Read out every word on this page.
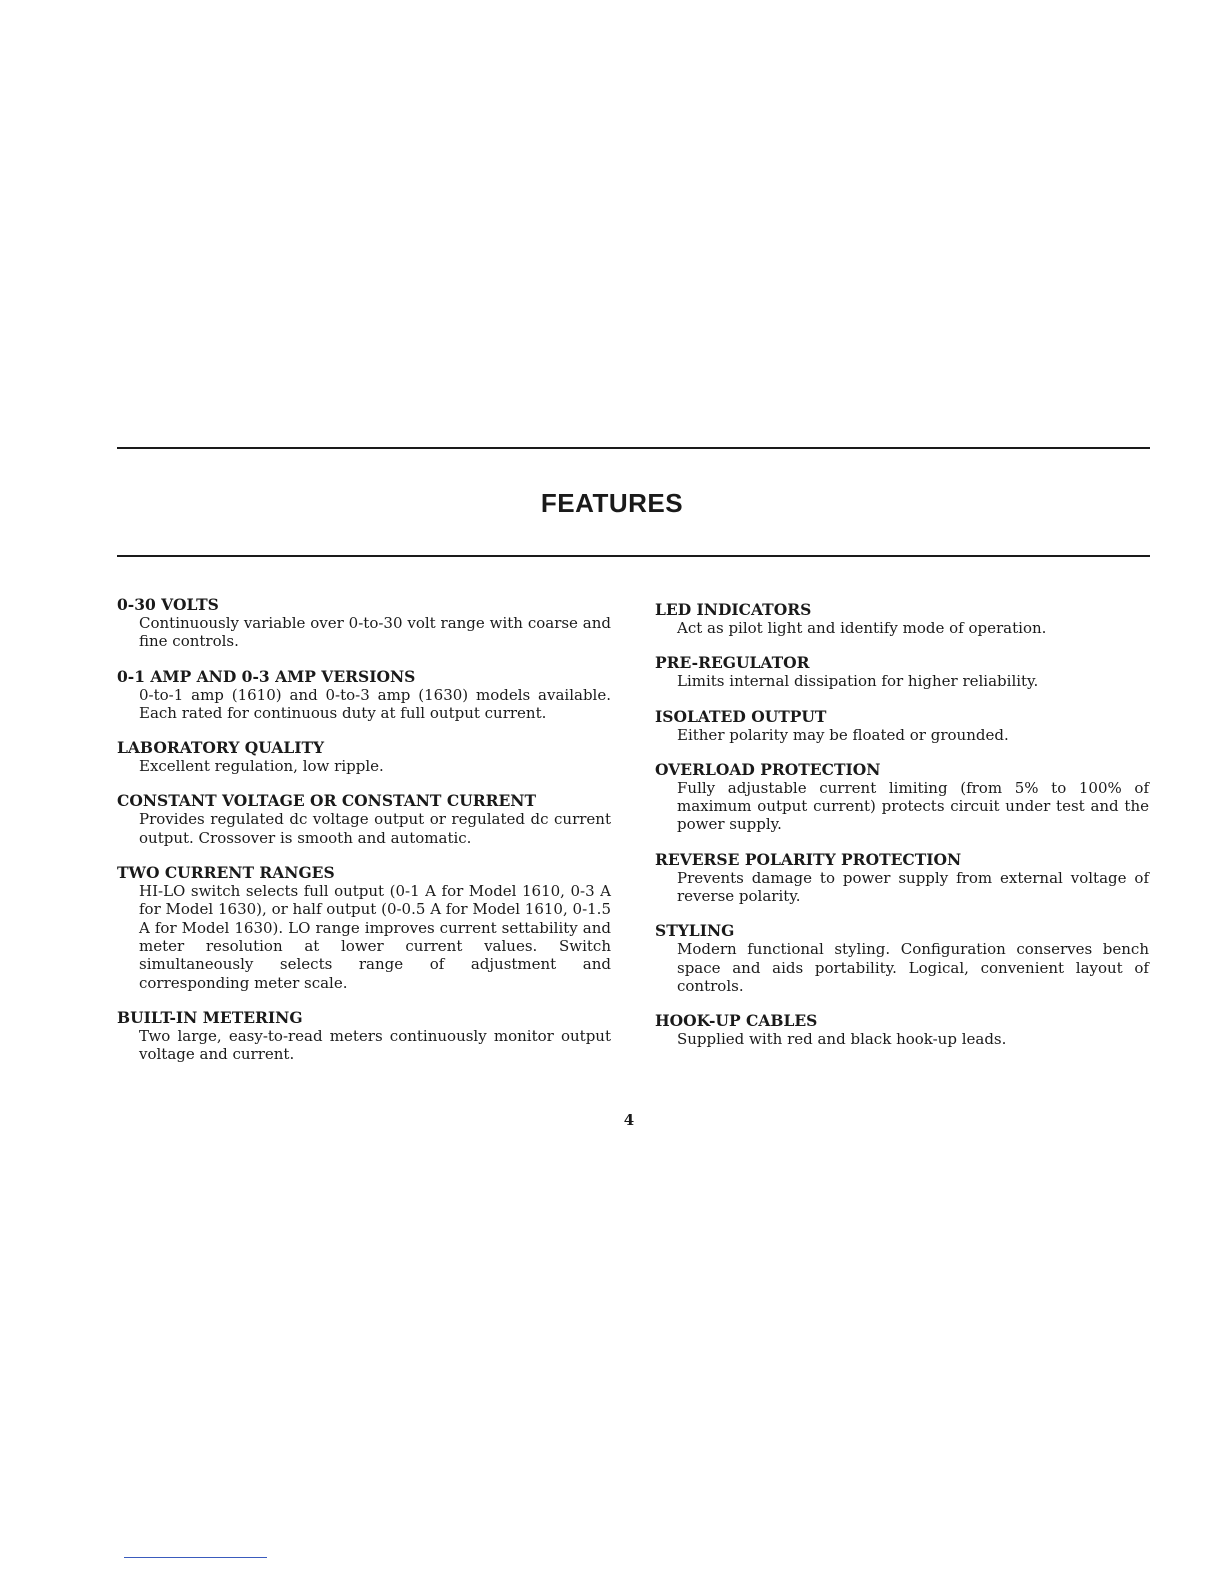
FEATURES

0-30 VOLTS

Continuously variable over 0-to-30 volt range with coarse and fine controls.

0-1 AMP AND 0-3 AMP VERSIONS

0-to-1 amp (1610) and 0-to-3 amp (1630) models available. Each rated for continuous duty at full output current.

LABORATORY QUALITY

Excellent regulation, low ripple.

CONSTANT VOLTAGE OR CONSTANT CURRENT

Provides regulated dc voltage output or regulated dc current output. Crossover is smooth and automatic.

TWO CURRENT RANGES

HI-LO switch selects full output (0-1 A for Model 1610, 0-3 A for Model 1630), or half output (0-0.5 A for Model 1610, 0-1.5 A for Model 1630). LO range improves current settability and meter resolution at lower current values. Switch simultaneously selects range of adjustment and corresponding meter scale.

BUILT-IN METERING

Two large, easy-to-read meters continuously monitor output voltage and current.

LED INDICATORS

Act as pilot light and identify mode of operation.

PRE-REGULATOR

Limits internal dissipation for higher reliability.

ISOLATED OUTPUT

Either polarity may be floated or grounded.

OVERLOAD PROTECTION

Fully adjustable current limiting (from 5% to 100% of maximum output current) protects circuit under test and the power supply.

REVERSE POLARITY PROTECTION

Prevents damage to power supply from external voltage of reverse polarity.

STYLING

Modern functional styling. Configuration conserves bench space and aids portability. Logical, convenient layout of controls.

HOOK-UP CABLES

Supplied with red and black hook-up leads.

4
